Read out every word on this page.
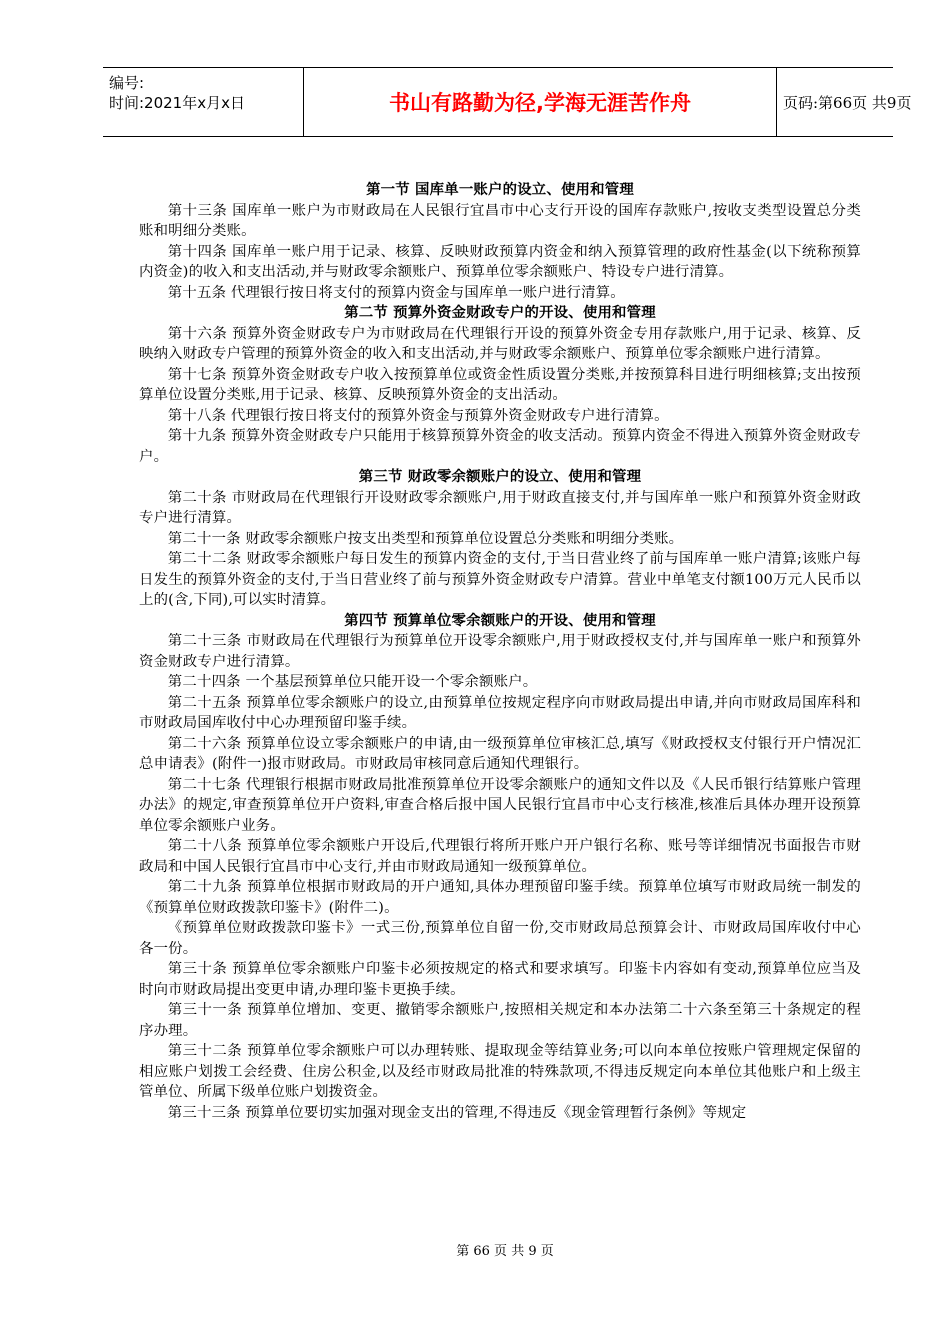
编号:
时间:2021年x月x日	书山有路勤为径,学海无涯苦作舟	页码:第66页 共9页
第一节 国库单一账户的设立、使用和管理

第十三条 国库单一账户为市财政局在人民银行宜昌市中心支行开设的国库存款账户,按收支类型设置总分类账和明细分类账。

第十四条 国库单一账户用于记录、核算、反映财政预算内资金和纳入预算管理的政府性基金(以下统称预算内资金)的收入和支出活动,并与财政零余额账户、预算单位零余额账户、特设专户进行清算。

第十五条 代理银行按日将支付的预算内资金与国库单一账户进行清算。

第二节 预算外资金财政专户的开设、使用和管理

第十六条 预算外资金财政专户为市财政局在代理银行开设的预算外资金专用存款账户,用于记录、核算、反映纳入财政专户管理的预算外资金的收入和支出活动,并与财政零余额账户、预算单位零余额账户进行清算。

第十七条 预算外资金财政专户收入按预算单位或资金性质设置分类账,并按预算科目进行明细核算;支出按预算单位设置分类账,用于记录、核算、反映预算外资金的支出活动。

第十八条 代理银行按日将支付的预算外资金与预算外资金财政专户进行清算。

第十九条 预算外资金财政专户只能用于核算预算外资金的收支活动。预算内资金不得进入预算外资金财政专户。

第三节 财政零余额账户的设立、使用和管理

第二十条 市财政局在代理银行开设财政零余额账户,用于财政直接支付,并与国库单一账户和预算外资金财政专户进行清算。

第二十一条 财政零余额账户按支出类型和预算单位设置总分类账和明细分类账。

第二十二条 财政零余额账户每日发生的预算内资金的支付,于当日营业终了前与国库单一账户清算;该账户每日发生的预算外资金的支付,于当日营业终了前与预算外资金财政专户清算。营业中单笔支付额100万元人民币以上的(含,下同),可以实时清算。

第四节 预算单位零余额账户的开设、使用和管理

第二十三条 市财政局在代理银行为预算单位开设零余额账户,用于财政授权支付,并与国库单一账户和预算外资金财政专户进行清算。

第二十四条 一个基层预算单位只能开设一个零余额账户。

第二十五条 预算单位零余额账户的设立,由预算单位按规定程序向市财政局提出申请,并向市财政局国库科和市财政局国库收付中心办理预留印鉴手续。

第二十六条 预算单位设立零余额账户的申请,由一级预算单位审核汇总,填写《财政授权支付银行开户情况汇总申请表》(附件一)报市财政局。市财政局审核同意后通知代理银行。

第二十七条 代理银行根据市财政局批准预算单位开设零余额账户的通知文件以及《人民币银行结算账户管理办法》的规定,审查预算单位开户资料,审查合格后报中国人民银行宜昌市中心支行核准,核准后具体办理开设预算单位零余额账户业务。

第二十八条 预算单位零余额账户开设后,代理银行将所开账户开户银行名称、账号等详细情况书面报告市财政局和中国人民银行宜昌市中心支行,并由市财政局通知一级预算单位。

第二十九条 预算单位根据市财政局的开户通知,具体办理预留印鉴手续。预算单位填写市财政局统一制发的《预算单位财政拨款印鉴卡》(附件二)。

《预算单位财政拨款印鉴卡》一式三份,预算单位自留一份,交市财政局总预算会计、市财政局国库收付中心各一份。

第三十条 预算单位零余额账户印鉴卡必须按规定的格式和要求填写。印鉴卡内容如有变动,预算单位应当及时向市财政局提出变更申请,办理印鉴卡更换手续。

第三十一条 预算单位增加、变更、撤销零余额账户,按照相关规定和本办法第二十六条至第三十条规定的程序办理。

第三十二条 预算单位零余额账户可以办理转账、提取现金等结算业务;可以向本单位按账户管理规定保留的相应账户划拨工会经费、住房公积金,以及经市财政局批准的特殊款项,不得违反规定向本单位其他账户和上级主管单位、所属下级单位账户划拨资金。

第三十三条 预算单位要切实加强对现金支出的管理,不得违反《现金管理暂行条例》等规定

第 66 页 共 9 页
